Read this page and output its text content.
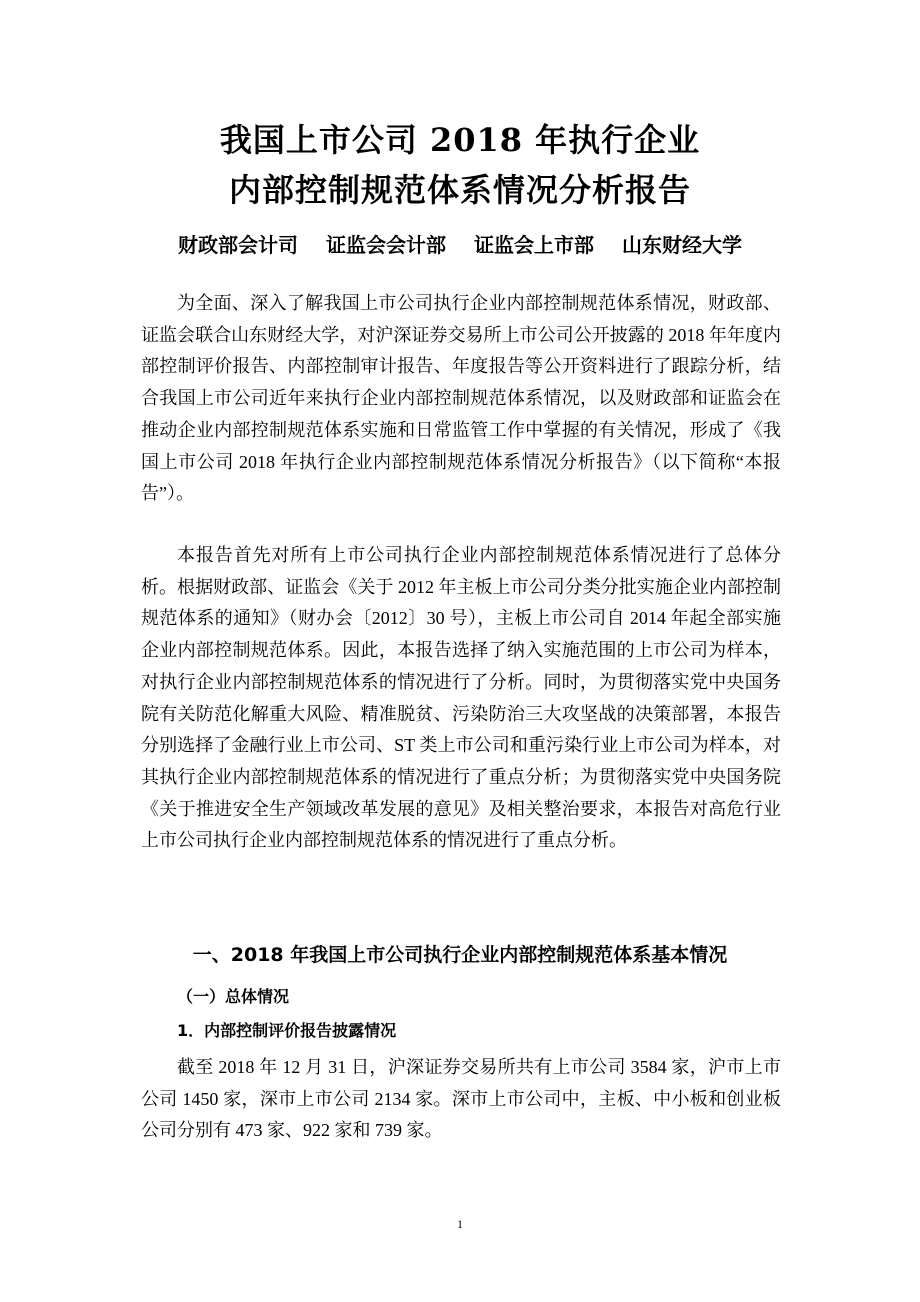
我国上市公司 2018 年执行企业
内部控制规范体系情况分析报告
财政部会计司 证监会会计部 证监会上市部 山东财经大学

为全面、深入了解我国上市公司执行企业内部控制规范体系情况，财政部、证监会联合山东财经大学，对沪深证券交易所上市公司公开披露的 2018 年年度内部控制评价报告、内部控制审计报告、年度报告等公开资料进行了跟踪分析，结合我国上市公司近年来执行企业内部控制规范体系情况，以及财政部和证监会在推动企业内部控制规范体系实施和日常监管工作中掌握的有关情况，形成了《我国上市公司 2018 年执行企业内部控制规范体系情况分析报告》（以下简称“本报告”）。

本报告首先对所有上市公司执行企业内部控制规范体系情况进行了总体分析。根据财政部、证监会《关于 2012 年主板上市公司分类分批实施企业内部控制规范体系的通知》（财办会〔2012〕30 号），主板上市公司自 2014 年起全部实施企业内部控制规范体系。因此，本报告选择了纳入实施范围的上市公司为样本，对执行企业内部控制规范体系的情况进行了分析。同时，为贯彻落实党中央国务院有关防范化解重大风险、精准脱贫、污染防治三大攻坚战的决策部署，本报告分别选择了金融行业上市公司、ST 类上市公司和重污染行业上市公司为样本，对其执行企业内部控制规范体系的情况进行了重点分析；为贯彻落实党中央国务院《关于推进安全生产领域改革发展的意见》及相关整治要求，本报告对高危行业上市公司执行企业内部控制规范体系的情况进行了重点分析。

一、2018 年我国上市公司执行企业内部控制规范体系基本情况
（一）总体情况
1．内部控制评价报告披露情况

截至 2018 年 12 月 31 日，沪深证券交易所共有上市公司 3584 家，沪市上市公司 1450 家，深市上市公司 2134 家。深市上市公司中，主板、中小板和创业板公司分别有 473 家、922 家和 739 家。

1
